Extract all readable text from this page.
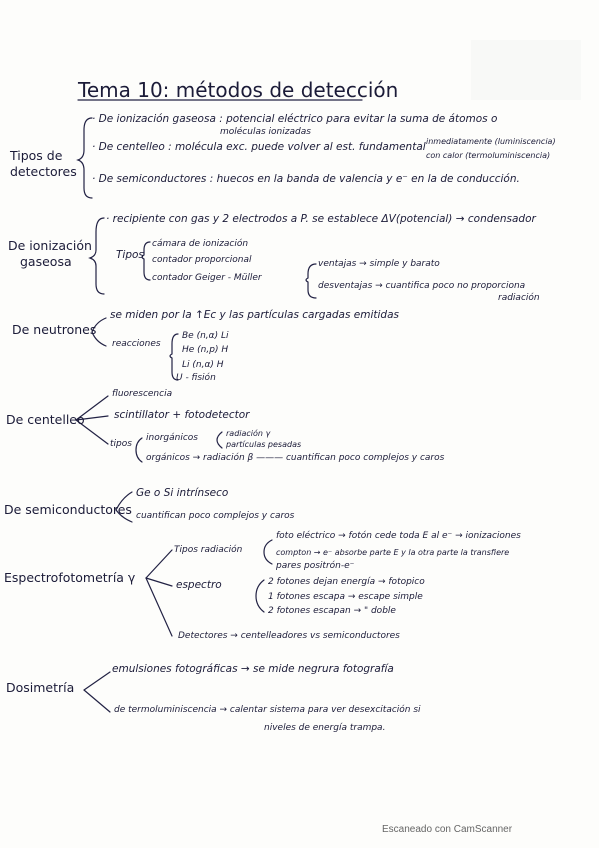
Tema 10: métodos de detección
Tipos de
detectores
· De ionización gaseosa : potencial eléctrico para evitar la suma de átomos o
moléculas ionizadas
· De centelleo : molécula exc. puede volver al est. fundamental inmediatamente (luminiscencia)
con calor (termoluminiscencia)
· De semiconductores : huecos en la banda de valencia y e⁻ en la de conducción.
De ionización
gaseosa
· recipiente con gas y 2 electrodos a P. se establece ΔV(potencial) → condensador
Tipos
cámara de ionización
contador proporcional
contador Geiger - Müller
ventajas → simple y barato
desventajas → cuantifica poco no proporciona
radiación
De neutrones
se miden por la ↑Ec y las partículas cargadas emitidas
reacciones
Be (n,α) Li
He (n,p) H
Li (n,α) H
U - fisión
De centelleo
fluorescencia
scintillator + fotodetector
tipos
inorgánicos	radiación γ
partículas pesadas
orgánicos → radiación β ——— cuantifican poco complejos y caros
De semiconductores
Ge o Si intrínseco
cuantifican poco complejos y caros
Espectrofotometría γ
Tipos radiación
foto eléctrico → fotón cede toda E al e⁻ → ionizaciones
compton → e⁻ absorbe parte E y la otra parte la transfiere
pares positrón-e⁻
espectro	2 fotones dejan energía → fotopico
1 fotones escapa → escape simple
2 fotones escapan → " doble
Detectores → centelleadores vs semiconductores
Dosimetría
emulsiones fotográficas → se mide negrura fotografía
de termoluminiscencia → calentar sistema para ver desexcitación si
niveles de energía trampa.
Escaneado con CamScanner
